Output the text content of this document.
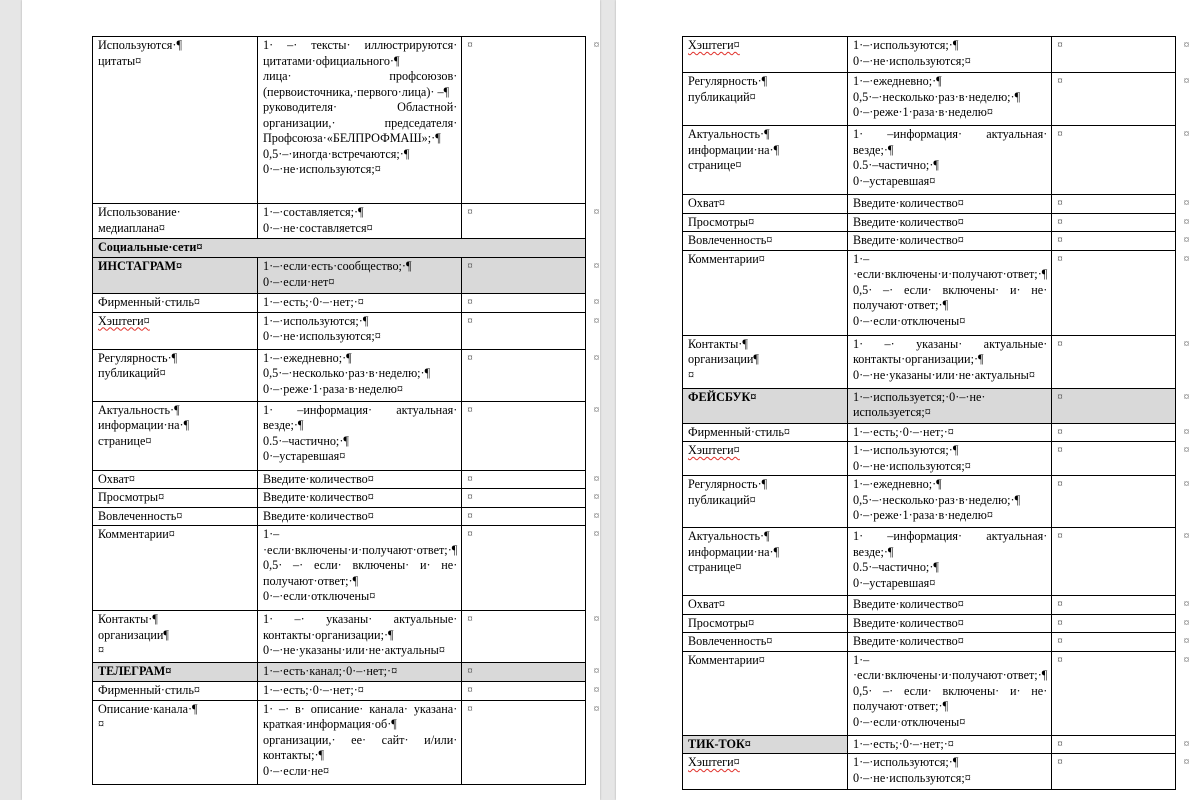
Используются·¶
цитаты¤	1· –· тексты· иллюстрируются· цитатами·официального·¶
лица· профсоюзов· (первоисточника,·первого·лица)· –¶
руководителя· Областной· организации,· председателя· Профсоюза·«БЕЛПРОФМАШ»;·¶
0,5·–·иногда·встречаются;·¶
0·–·не·используются;¤	¤ ¤

Использование·
медиаплана¤	1·–·составляется;·¶
0·–·не·составляется¤	¤ ¤

Социальные·сети¤		

ИНСТАГРАМ¤	1·–·если·есть·сообщество;·¶
0·–·если·нет¤	¤ ¤

Фирменный·стиль¤	1·–·есть;·0·–·нет;·¤	¤ ¤

Хэштеги¤	1·–·используются;·¶
0·–·не·используются;¤	¤ ¤

Регулярность·¶
публикаций¤	1·–·ежедневно;·¶
0,5·–·несколько·раз·в·неделю;·¶
0·–·реже·1·раза·в·неделю¤	¤ ¤

Актуальность·¶
информации·на·¶
странице¤	1· –информация· актуальная· везде;·¶
0.5·–частично;·¶
0·–устаревшая¤	¤ ¤

Охват¤	Введите·количество¤	¤ ¤

Просмотры¤	Введите·количество¤	¤ ¤

Вовлеченность¤	Введите·количество¤	¤ ¤

Комментарии¤	1·–·если·включены·и·получают·ответ;·¶
0,5· –· если· включены· и· не· получают·ответ;·¶
0·–·если·отключены¤	¤ ¤

Контакты·¶
организации¶
¤	1· –· указаны· актуальные· контакты·организации;·¶
0·–·не·указаны·или·не·актуальны¤	¤ ¤

ТЕЛЕГРАМ¤	1·–·есть·канал;·0·–·нет;·¤	¤ ¤

Фирменный·стиль¤	1·–·есть;·0·–·нет;·¤	¤ ¤

Описание·канала·¶
¤	1· –· в· описание· канала· указана· краткая·информация·об·¶
организации,· ее· сайт· и/или· контакты;·¶
0·–·если·не¤	¤ ¤
Хэштеги¤	1·–·используются;·¶
0·–·не·используются;¤	¤ ¤

Регулярность·¶
публикаций¤	1·–·ежедневно;·¶
0,5·–·несколько·раз·в·неделю;·¶
0·–·реже·1·раза·в·неделю¤	¤ ¤

Актуальность·¶
информации·на·¶
странице¤	1· –информация· актуальная· везде;·¶
0.5·–частично;·¶
0·–устаревшая¤	¤ ¤

Охват¤	Введите·количество¤	¤ ¤

Просмотры¤	Введите·количество¤	¤ ¤

Вовлеченность¤	Введите·количество¤	¤ ¤

Комментарии¤	1·–·если·включены·и·получают·ответ;·¶
0,5· –· если· включены· и· не· получают·ответ;·¶
0·–·если·отключены¤	¤ ¤

Контакты·¶
организации¶
¤	1· –· указаны· актуальные· контакты·организации;·¶
0·–·не·указаны·или·не·актуальны¤	¤ ¤

ФЕЙСБУК¤	1·–·используется;·0·–·не· используется;¤	¤ ¤

Фирменный·стиль¤	1·–·есть;·0·–·нет;·¤	¤ ¤

Хэштеги¤	1·–·используются;·¶
0·–·не·используются;¤	¤ ¤

Регулярность·¶
публикаций¤	1·–·ежедневно;·¶
0,5·–·несколько·раз·в·неделю;·¶
0·–·реже·1·раза·в·неделю¤	¤ ¤

Актуальность·¶
информации·на·¶
странице¤	1· –информация· актуальная· везде;·¶
0.5·–частично;·¶
0·–устаревшая¤	¤ ¤

Охват¤	Введите·количество¤	¤ ¤

Просмотры¤	Введите·количество¤	¤ ¤

Вовлеченность¤	Введите·количество¤	¤ ¤

Комментарии¤	1·–·если·включены·и·получают·ответ;·¶
0,5· –· если· включены· и· не· получают·ответ;·¶
0·–·если·отключены¤	¤ ¤

ТИК-ТОК¤	1·–·есть;·0·–·нет;·¤	¤ ¤

Хэштеги¤	1·–·используются;·¶
0·–·не·используются;¤	¤ ¤
